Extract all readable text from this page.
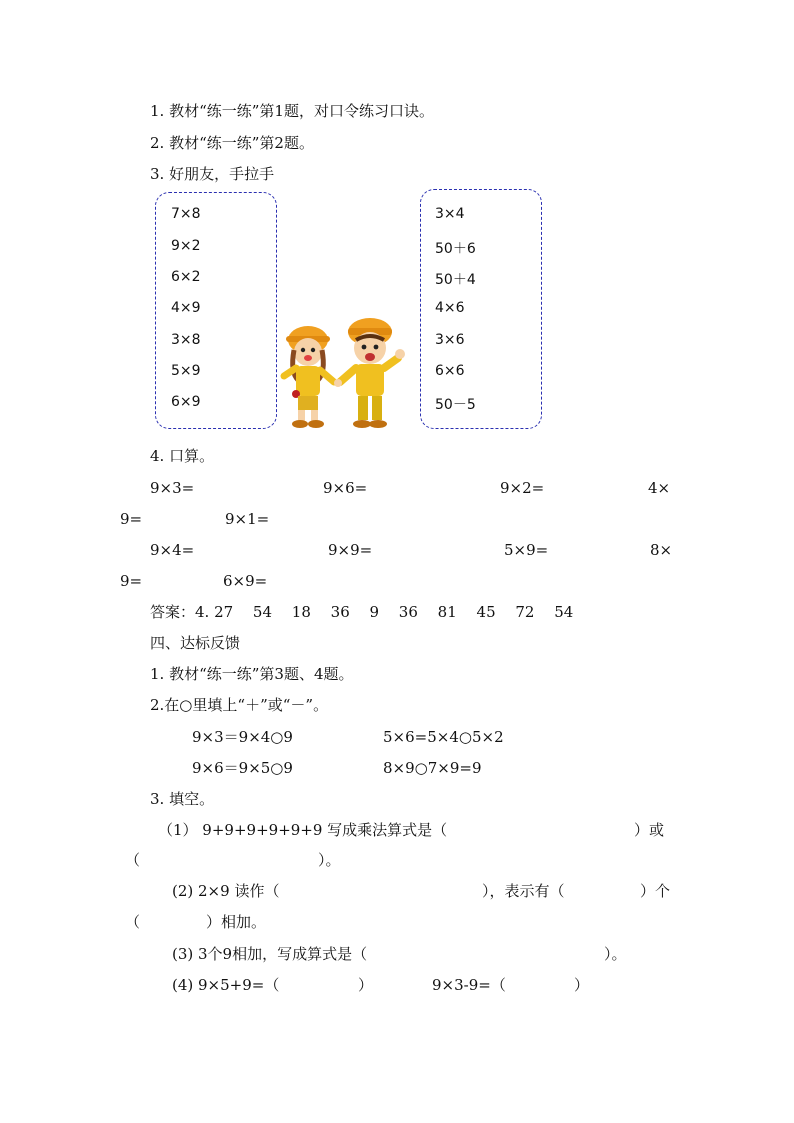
1. 教材“练一练”第1题，对口令练习口诀。
2. 教材“练一练”第2题。
3. 好朋友，手拉手
7×8
9×2
6×2
4×9
3×8
5×9
6×9
3×4
50＋6
50＋4
4×6
3×6
6×6
50－5
4. 口算。
9×3=	9×6=	9×2=	4×
9=	9×1=
9×4=	9×9=	5×9=	8×
9=	6×9=
答案：4. 27　 54　 18　 36　 9　 36　 81　 45　 72　 54
四、达标反馈
1. 教材“练一练”第3题、4题。
2.在○里填上“＋”或“－”。
9×3＝9×4○9	5×6=5×4○5×2
9×6＝9×5○9	8×9○7×9=9
3. 填空。
（1） 9+9+9+9+9+9 写成乘法算式是（	）或
（	）。
(2) 2×9 读作（	），表示有（	）个
（	）相加。
(3) 3个9相加，写成算式是（	）。
(4) 9×5+9=（	）	9×3-9=（	）
